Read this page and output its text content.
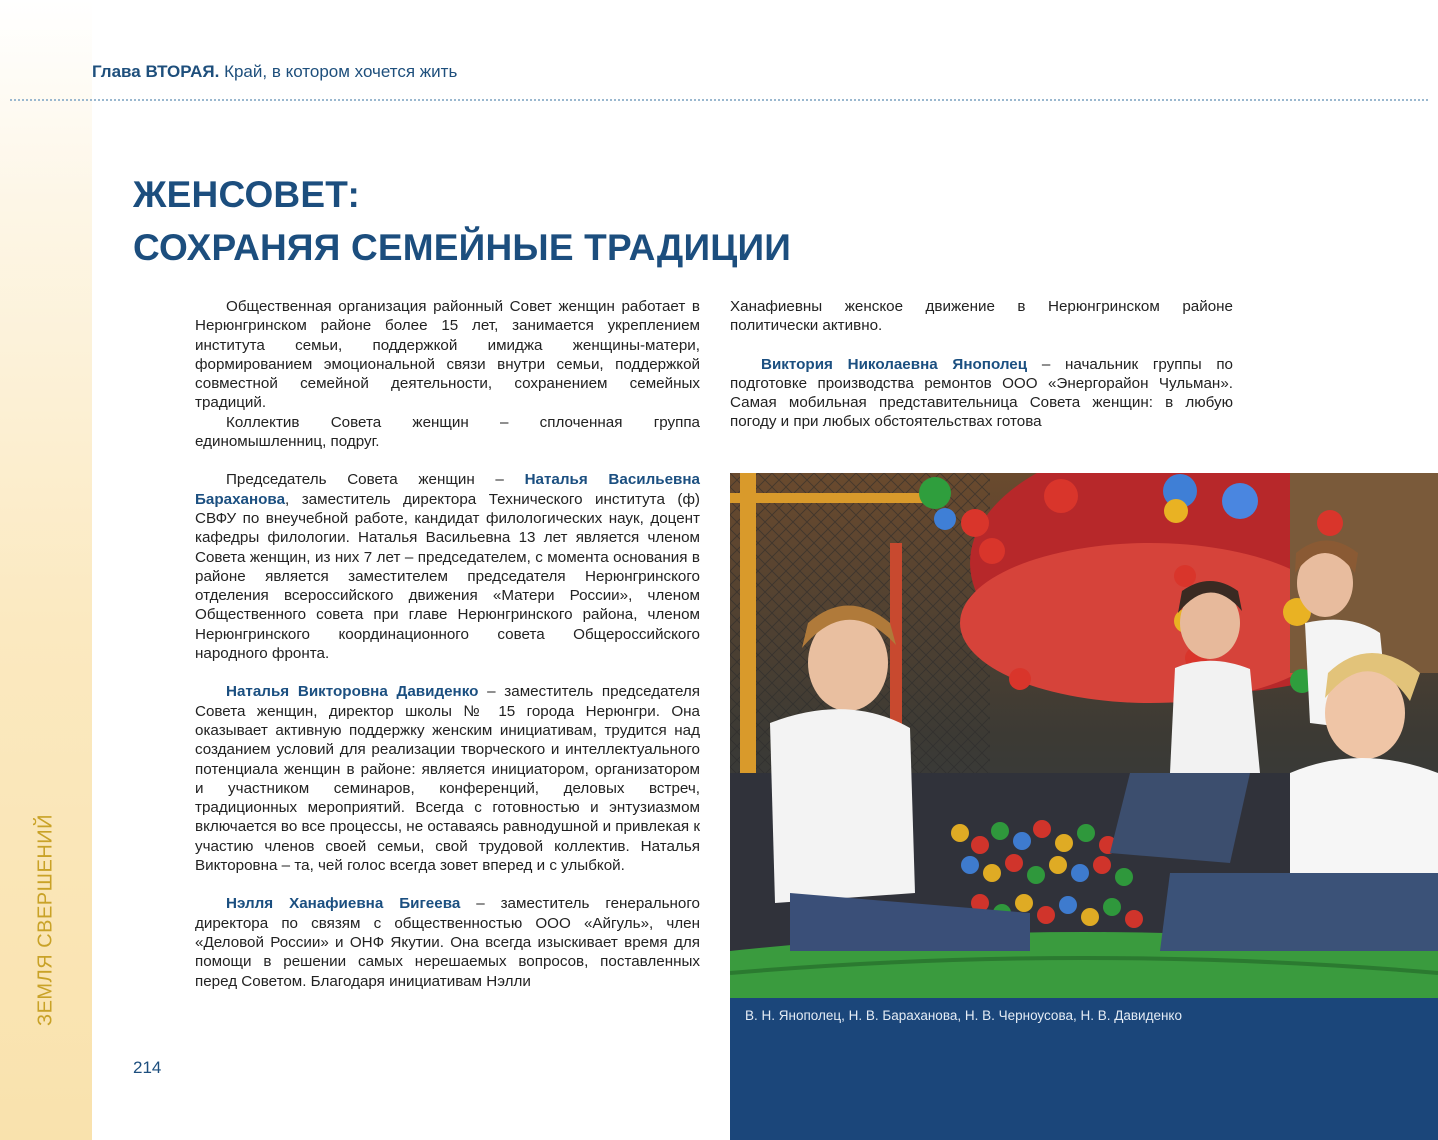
ЗЕМЛЯ СВЕРШЕНИЙ
Глава ВТОРАЯ. Край, в котором хочется жить
ЖЕНСОВЕТ:
СОХРАНЯЯ СЕМЕЙНЫЕ ТРАДИЦИИ

Общественная организация районный Совет женщин работает в Нерюнгринском районе более 15 лет, занимается укреплением института семьи, поддержкой имиджа женщины-матери, формированием эмоциональной связи внутри семьи, поддержкой совместной семейной деятельности, сохранением семейных традиций.

Коллектив Совета женщин – сплоченная группа единомышленниц, подруг.

Председатель Совета женщин – Наталья Васильевна Бараханова, заместитель директора Технического института (ф) СВФУ по внеучебной работе, кандидат филологических наук, доцент кафедры филологии. Наталья Васильевна 13 лет является членом Совета женщин, из них 7 лет – председателем, с момента основания в районе является заместителем председателя Нерюнгринского отделения всероссийского движения «Матери России», членом Общественного совета при главе Нерюнгринского района, членом Нерюнгринского координационного совета Общероссийского народного фронта.

Наталья Викторовна Давиденко – заместитель председателя Совета женщин, директор школы № 15 города Нерюнгри. Она оказывает активную поддержку женским инициативам, трудится над созданием условий для реализации творческого и интеллектуального потенциала женщин в районе: является инициатором, организатором и участником семинаров, конференций, деловых встреч, традиционных мероприятий. Всегда с готовностью и энтузиазмом включается во все процессы, не оставаясь равнодушной и привлекая к участию членов своей семьи, свой трудовой коллектив. Наталья Викторовна – та, чей голос всегда зовет вперед и с улыбкой.

Нэлля Ханафиевна Бигеева – заместитель генерального директора по связям с общественностью ООО «Айгуль», член «Деловой России» и ОНФ Якутии. Она всегда изыскивает время для помощи в решении самых нерешаемых вопросов, поставленных перед Советом. Благодаря инициативам Нэлли

Ханафиевны женское движение в Нерюнгринском районе политически активно.

Виктория Николаевна Янополец – начальник группы по подготовке производства ремонтов ООО «Энергорайон Чульман». Самая мобильная представительница Совета женщин: в любую погоду и при любых обстоятельствах готова

В. Н. Янополец, Н. В. Бараханова, Н. В. Черноусова, Н. В. Давиденко
214
